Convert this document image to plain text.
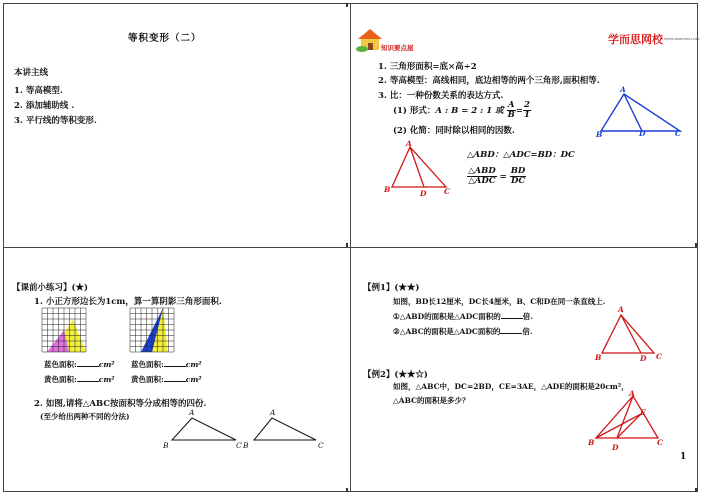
等积变形（二）
本讲主线
1. 等高模型.
2. 添加辅助线 .
3. 平行线的等积变形.
知识要点屋
学而思网校 www.xueersi.com
1. 三角形面积=底×高÷2
2. 等高模型：高线相同，底边相等的两个三角形,面积相等.
3. 比：一种份数关系的表达方式.
(1) 形式：A : B = 2 : 1 或 $\frac{A}{B} = \frac{2}{1}$
(2) 化简：同时除以相同的因数.
A
B	D	C
A
B	D C
△ABD：△ADC=BD：DC
$\frac{\text{△ABD}}{\text{△ADC}} = \frac{BD}{DC}$
【课前小练习】(★)
1. 小正方形边长为1cm，算一算阴影三角形面积.
蓝色面积:	cm²
黄色面积:	cm²
蓝色面积:	cm²
黄色面积:	cm²
2. 如图,请将△ABC按面积等分成相等的四份.
(至少给出两种不同的分法)	A
B	C
A
B	C
【例1】(★★)
如图，BD长12厘米，DC长4厘米，B、C和D在同一条直线上.
①△ABD的面积是△ADC面积的	倍.
②△ABC的面积是△ADC面积的	倍.
A
B	D C
【例2】(★★☆)
如图，△ABC中，DC=2BD，CE=3AE，△ADE的面积是20cm²，
△ABC的面积是多少？
A
E
B
D
C
1
